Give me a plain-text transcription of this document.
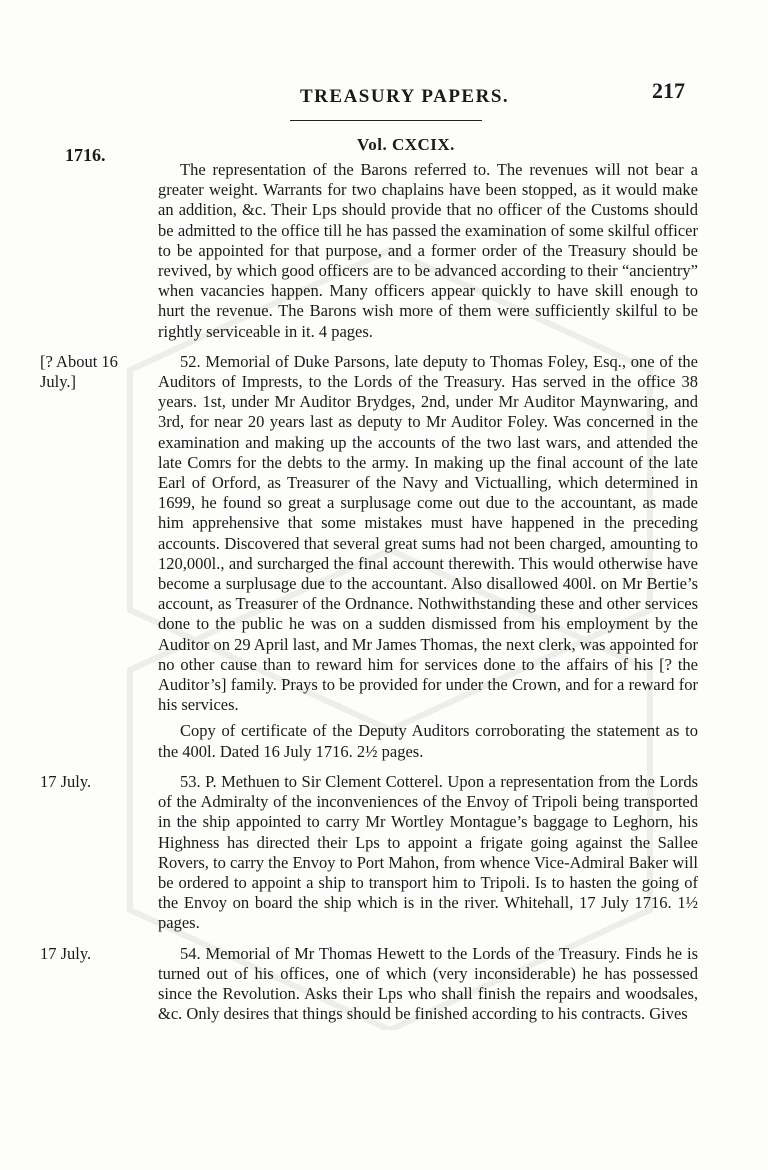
TREASURY PAPERS.	217
1716.
Vol. CXCIX.

The representation of the Barons referred to. The revenues will not bear a greater weight. Warrants for two chaplains have been stopped, as it would make an addition, &c. Their Lps should provide that no officer of the Customs should be admitted to the office till he has passed the examination of some skilful officer to be appointed for that purpose, and a former order of the Treasury should be revived, by which good officers are to be advanced according to their “ancientry” when vacancies happen. Many officers appear quickly to have skill enough to hurt the revenue. The Barons wish more of them were sufficiently skilful to be rightly serviceable in it. 4 pages.

[? About 16 July.]

52. Memorial of Duke Parsons, late deputy to Thomas Foley, Esq., one of the Auditors of Imprests, to the Lords of the Treasury. Has served in the office 38 years. 1st, under Mr Auditor Brydges, 2nd, under Mr Auditor Maynwaring, and 3rd, for near 20 years last as deputy to Mr Auditor Foley. Was concerned in the examination and making up the accounts of the two last wars, and attended the late Comrs for the debts to the army. In making up the final account of the late Earl of Orford, as Treasurer of the Navy and Victualling, which determined in 1699, he found so great a surplusage come out due to the accountant, as made him apprehensive that some mistakes must have happened in the preceding accounts. Discovered that several great sums had not been charged, amounting to 120,000l., and surcharged the final account therewith. This would otherwise have become a surplusage due to the accountant. Also disallowed 400l. on Mr Bertie’s account, as Treasurer of the Ordnance. Nothwithstanding these and other services done to the public he was on a sudden dismissed from his employment by the Auditor on 29 April last, and Mr James Thomas, the next clerk, was appointed for no other cause than to reward him for services done to the affairs of his [? the Auditor’s] family. Prays to be provided for under the Crown, and for a reward for his services.

Copy of certificate of the Deputy Auditors corroborating the statement as to the 400l. Dated 16 July 1716. 2½ pages.

17 July.	53. P. Methuen to Sir Clement Cotterel. Upon a representation from the Lords of the Admiralty of the inconveniences of the Envoy of Tripoli being transported in the ship appointed to carry Mr Wortley Montague’s baggage to Leghorn, his Highness has directed their Lps to appoint a frigate going against the Sallee Rovers, to carry the Envoy to Port Mahon, from whence Vice-Admiral Baker will be ordered to appoint a ship to transport him to Tripoli. Is to hasten the going of the Envoy on board the ship which is in the river. Whitehall, 17 July 1716. 1½ pages.

17 July.	54. Memorial of Mr Thomas Hewett to the Lords of the Treasury. Finds he is turned out of his offices, one of which (very inconsiderable) he has possessed since the Revolution. Asks their Lps who shall finish the repairs and woodsales, &c. Only desires that things should be finished according to his contracts. Gives
